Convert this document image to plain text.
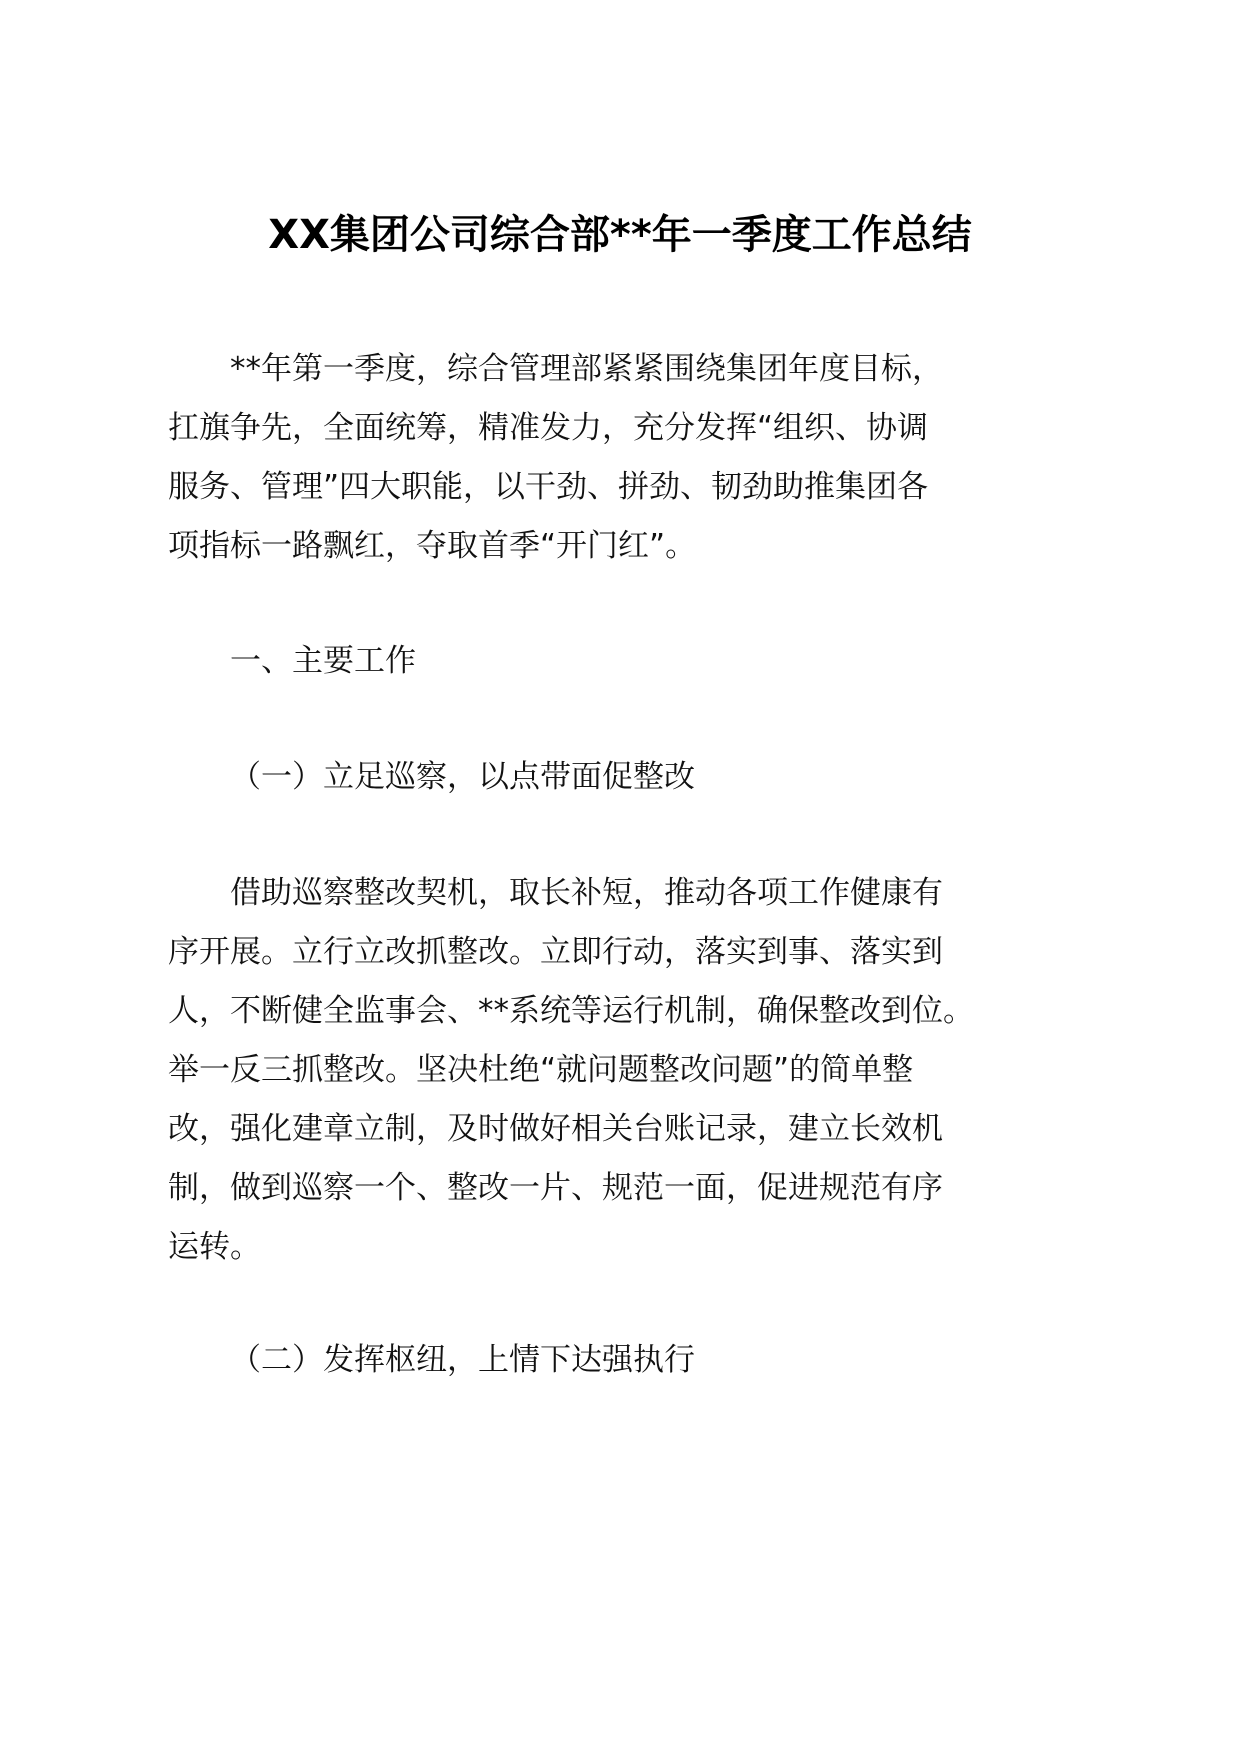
XX集团公司综合部**年一季度工作总结
**年第一季度，综合管理部紧紧围绕集团年度目标，
扛旗争先，全面统筹，精准发力，充分发挥“组织、协调
服务、管理”四大职能，以干劲、拼劲、韧劲助推集团各
项指标一路飘红，夺取首季“开门红”。
一、主要工作
（一）立足巡察，以点带面促整改
借助巡察整改契机，取长补短，推动各项工作健康有
序开展。立行立改抓整改。立即行动，落实到事、落实到
人，不断健全监事会、**系统等运行机制，确保整改到位。
举一反三抓整改。坚决杜绝“就问题整改问题”的简单整
改，强化建章立制，及时做好相关台账记录，建立长效机
制，做到巡察一个、整改一片、规范一面，促进规范有序
运转。
（二）发挥枢纽，上情下达强执行
